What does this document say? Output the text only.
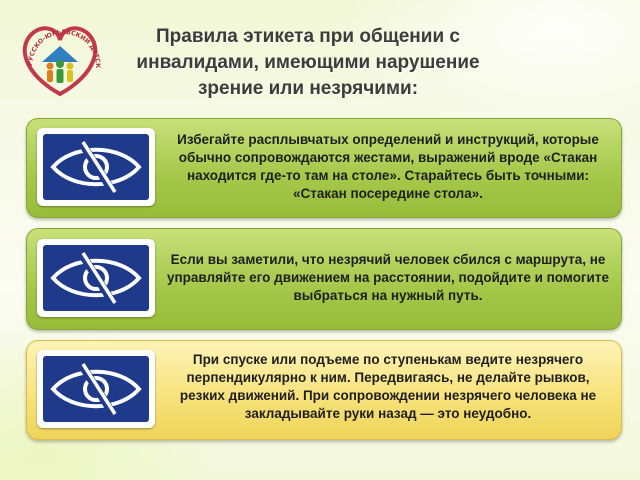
РУССКО-ЮРЬЕВСКИЙ ДЕТСК
Правила этикета при общении с инвалидами, имеющими нарушение зрение или незрячими:
Избегайте расплывчатых определений и инструкций, которые обычно сопровождаются жестами, выражений вроде «Стакан находится где-то там на столе». Старайтесь быть точными: «Стакан посередине стола».
Если вы заметили, что незрячий человек сбился с маршрута, не управляйте его движением на расстоянии, подойдите и помогите выбраться на нужный путь.
При спуске или подъеме по ступенькам ведите незрячего перпендикулярно к ним. Передвигаясь, не делайте рывков, резких движений. При сопровождении незрячего человека не закладывайте руки назад — это неудобно.
